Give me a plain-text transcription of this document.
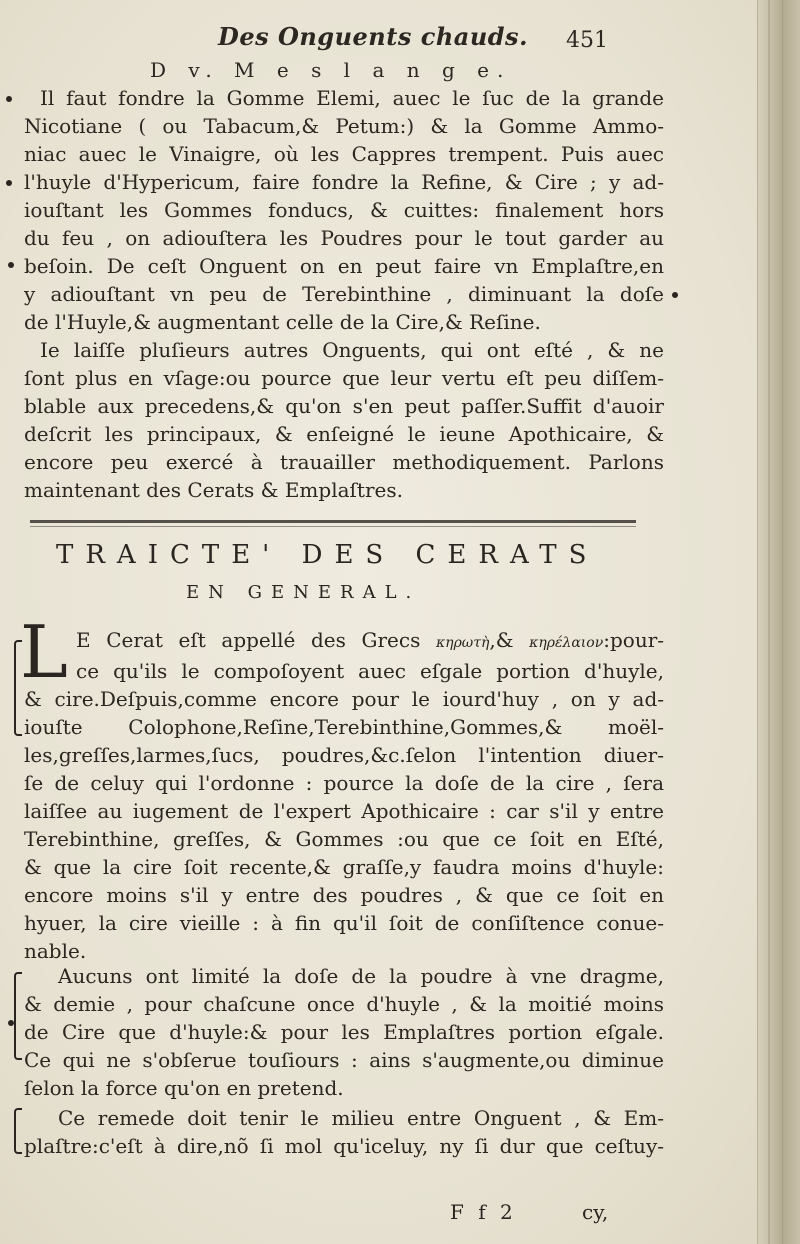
Des Onguents chauds. 451
D v. M e s l a n g e.
Il faut fondre la Gomme Elemi, auec le ſuc de la grande
Nicotiane ( ou Tabacum,& Petum:) & la Gomme Ammo-
niac auec le Vinaigre, où les Cappres trempent. Puis auec
l'huyle d'Hypericum, faire fondre la Refine, & Cire ; y ad-
iouſtant les Gommes fonducs, & cuittes: finalement hors
du feu , on adiouſtera les Poudres pour le tout garder au
beſoin. De ceſt Onguent on en peut faire vn Emplaſtre,en
y adiouſtant vn peu de Terebinthine , diminuant la doſe
de l'Huyle,& augmentant celle de la Cire,& Reſine.
Ie laiſſe pluſieurs autres Onguents, qui ont eſté , & ne
ſont plus en vſage:ou pource que leur vertu eſt peu diſſem-
blable aux precedens,& qu'on s'en peut paſſer.Suffit d'auoir
deſcrit les principaux, & enſeigné le ieune Apothicaire, &
encore peu exercé à trauailler methodiquement. Parlons
maintenant des Cerats & Emplaſtres.
TRAICTE' DES CERATS
EN GENERAL.
L E Cerat eſt appellé des Grecs κηρωτὴ,& κηρέλαιον:pour-
ce qu'ils le compoſoyent auec eſgale portion d'huyle,
& cire.Deſpuis,comme encore pour le iourd'huy , on y ad-
iouſte Colophone,Reſine,Terebinthine,Gommes,& moël-
les,greſſes,larmes,ſucs, poudres,&c.ſelon l'intention diuer-
ſe de celuy qui l'ordonne : pource la doſe de la cire , ſera
laiſſee au iugement de l'expert Apothicaire : car s'il y entre
Terebinthine, greſſes, & Gommes :ou que ce ſoit en Eſté,
& que la cire ſoit recente,& graſſe,y faudra moins d'huyle:
encore moins s'il y entre des poudres , & que ce ſoit en
hyuer, la cire vieille : à fin qu'il ſoit de conſiſtence conue-
nable.
Aucuns ont limité la doſe de la poudre à vne dragme,
& demie , pour chaſcune once d'huyle , & la moitié moins
de Cire que d'huyle:& pour les Emplaſtres portion eſgale.
Ce qui ne s'obſerue touſiours : ains s'augmente,ou diminue
ſelon la force qu'on en pretend.
Ce remede doit tenir le milieu entre Onguent , & Em-
plaſtre:c'eſt à dire,nõ ſi mol qu'iceluy, ny ſi dur que ceſtuy-
F f 2	cy,
